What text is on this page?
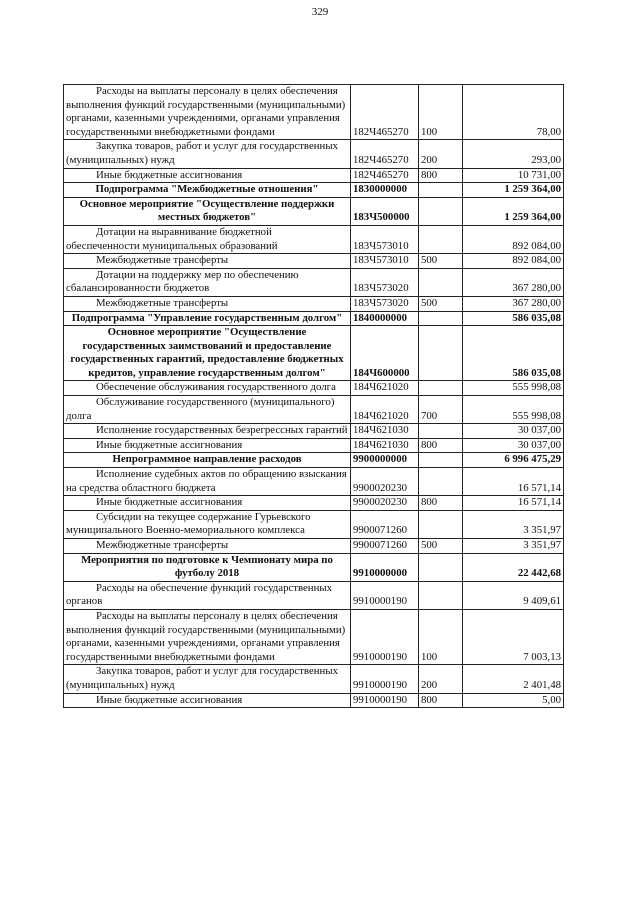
329
Расходы на выплаты персоналу в целях обеспечения выполнения функций государственными (муниципальными) органами, казенными учреждениями, органами управления государственными внебюджетными фондами	182Ч465270	100	78,00
Закупка товаров, работ и услуг для государственных (муниципальных) нужд	182Ч465270	200	293,00
Иные бюджетные ассигнования	182Ч465270	800	10 731,00
Подпрограмма "Межбюджетные отношения"	1830000000		1 259 364,00
Основное мероприятие "Осуществление поддержки местных бюджетов"	183Ч500000		1 259 364,00
Дотации на выравнивание бюджетной обеспеченности муниципальных образований	183Ч573010		892 084,00
Межбюджетные трансферты	183Ч573010	500	892 084,00
Дотации на поддержку мер по обеспечению сбалансированности бюджетов	183Ч573020		367 280,00
Межбюджетные трансферты	183Ч573020	500	367 280,00
Подпрограмма "Управление государственным долгом"	1840000000		586 035,08
Основное мероприятие "Осуществление государственных заимствований и предоставление государственных гарантий, предоставление бюджетных кредитов, управление государственным долгом"	184Ч600000		586 035,08
Обеспечение обслуживания государственного долга	184Ч621020		555 998,08
Обслуживание государственного (муниципального) долга	184Ч621020	700	555 998,08
Исполнение государственных безрегрессных гарантий	184Ч621030		30 037,00
Иные бюджетные ассигнования	184Ч621030	800	30 037,00
Непрограммное направление расходов	9900000000		6 996 475,29
Исполнение судебных актов по обращению взыскания на средства областного бюджета	9900020230		16 571,14
Иные бюджетные ассигнования	9900020230	800	16 571,14
Субсидии на текущее содержание Гурьевского муниципального Военно-мемориального комплекса	9900071260		3 351,97
Межбюджетные трансферты	9900071260	500	3 351,97
Мероприятия по подготовке к Чемпионату мира по футболу 2018	9910000000		22 442,68
Расходы на обеспечение функций государственных органов	9910000190		9 409,61
Расходы на выплаты персоналу в целях обеспечения выполнения функций государственными (муниципальными) органами, казенными учреждениями, органами управления государственными внебюджетными фондами	9910000190	100	7 003,13
Закупка товаров, работ и услуг для государственных (муниципальных) нужд	9910000190	200	2 401,48
Иные бюджетные ассигнования	9910000190	800	5,00
